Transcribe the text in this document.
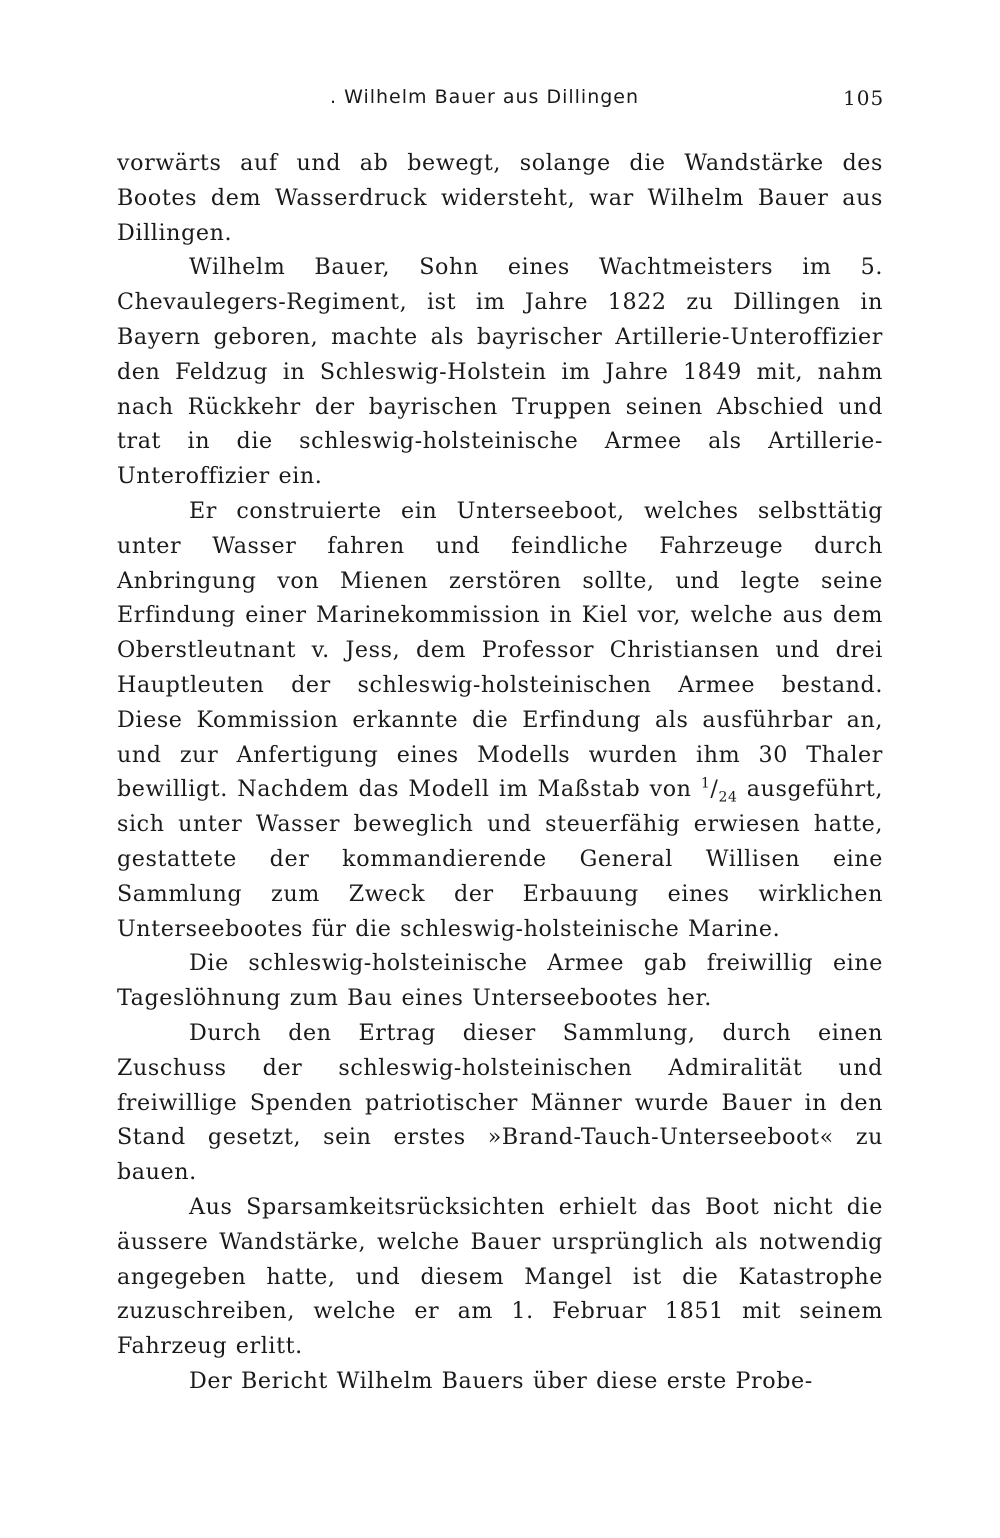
. Wilhelm Bauer aus Dillingen	105

vorwärts auf und ab bewegt, solange die Wandstärke des Bootes dem Wasserdruck widersteht, war Wilhelm Bauer aus Dillingen.

Wilhelm Bauer, Sohn eines Wachtmeisters im 5. Chevaulegers-Regiment, ist im Jahre 1822 zu Dillingen in Bayern geboren, machte als bayrischer Artillerie-Unteroffizier den Feldzug in Schleswig-Holstein im Jahre 1849 mit, nahm nach Rückkehr der bayrischen Truppen seinen Abschied und trat in die schleswig-holsteinische Armee als Artillerie-Unteroffizier ein.

Er construierte ein Unterseeboot, welches selbsttätig unter Wasser fahren und feindliche Fahrzeuge durch Anbringung von Mienen zerstören sollte, und legte seine Erfindung einer Marinekommission in Kiel vor, welche aus dem Oberstleutnant v. Jess, dem Professor Christiansen und drei Hauptleuten der schleswig-holsteinischen Armee bestand. Diese Kommission erkannte die Erfindung als ausführbar an, und zur Anfertigung eines Modells wurden ihm 30 Thaler bewilligt. Nachdem das Modell im Maßstab von $^1/_{24}$ ausgeführt, sich unter Wasser beweglich und steuerfähig erwiesen hatte, gestattete der kommandierende General Willisen eine Sammlung zum Zweck der Erbauung eines wirklichen Unterseebootes für die schleswig-holsteinische Marine.

Die schleswig-holsteinische Armee gab freiwillig eine Tageslöhnung zum Bau eines Unterseebootes her.

Durch den Ertrag dieser Sammlung, durch einen Zuschuss der schleswig-holsteinischen Admiralität und freiwillige Spenden patriotischer Männer wurde Bauer in den Stand gesetzt, sein erstes »Brand-Tauch-Unterseeboot« zu bauen.

Aus Sparsamkeitsrücksichten erhielt das Boot nicht die äussere Wandstärke, welche Bauer ursprünglich als notwendig angegeben hatte, und diesem Mangel ist die Katastrophe zuzuschreiben, welche er am 1. Februar 1851 mit seinem Fahrzeug erlitt.

Der Bericht Wilhelm Bauers über diese erste Probe-
